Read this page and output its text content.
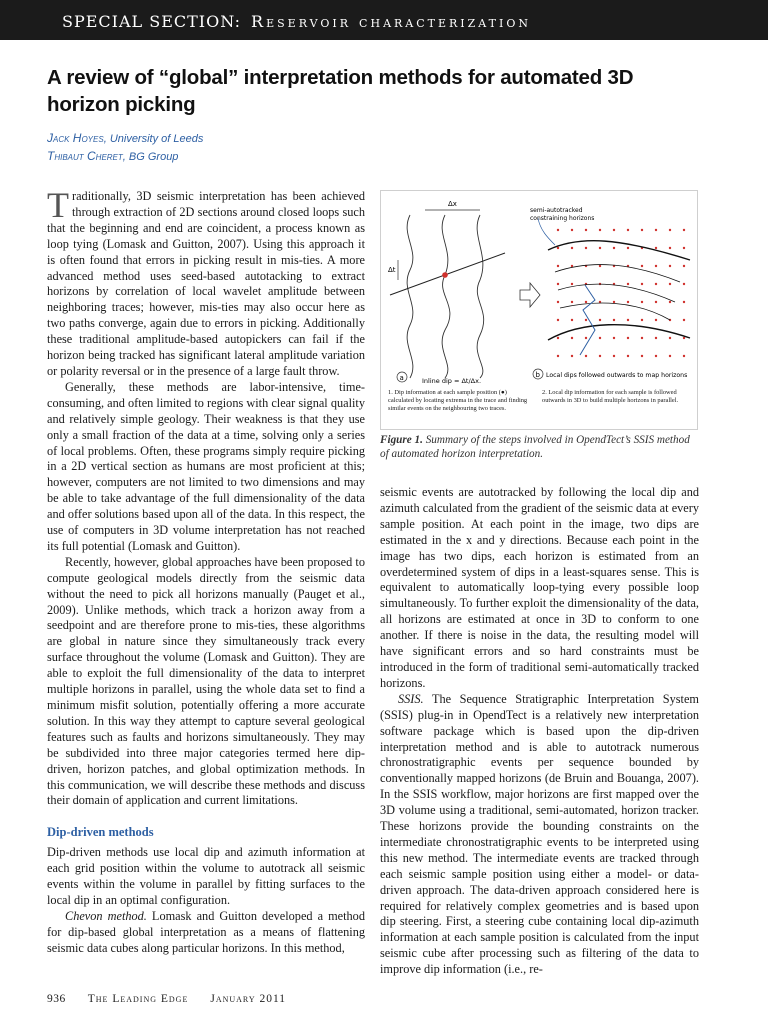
SPECIAL SECTION: Reservoir characterization
A review of “global” interpretation methods for automated 3D horizon picking
Jack Hoyes, University of Leeds
Thibaut Cheret, BG Group

Traditionally, 3D seismic interpretation has been achieved through extraction of 2D sections around closed loops such that the beginning and end are coincident, a process known as loop tying (Lomask and Guitton, 2007). Using this approach it is often found that errors in picking result in mis-ties. A more advanced method uses seed-based autotacking to extract horizons by correlation of local wavelet amplitude between neighboring traces; however, mis-ties may also occur here as two paths converge, again due to errors in picking. Additionally these traditional amplitude-based autopickers can fail if the horizon being tracked has significant lateral amplitude variation or polarity reversal or in the presence of a large fault throw.

Generally, these methods are labor-intensive, time-consuming, and often limited to regions with clear signal quality and relatively simple geology. Their weakness is that they use only a small fraction of the data at a time, solving only a series of local problems. Often, these programs simply require picking in a 2D vertical section as humans are most proficient at this; however, computers are not limited to two dimensions and may be able to take advantage of the full dimensionality of the data and offer solutions based upon all of the data. In this respect, the use of computers in 3D volume interpretation has not reached its full potential (Lomask and Guitton).

Recently, however, global approaches have been proposed to compute geological models directly from the seismic data without the need to pick all horizons manually (Pauget et al., 2009). Unlike methods, which track a horizon away from a seedpoint and are therefore prone to mis-ties, these algorithms are global in nature since they simultaneously track every surface throughout the volume (Lomask and Guitton). They are able to exploit the full dimensionality of the data to interpret multiple horizons in parallel, using the whole data set to find a minimum misfit solution, potentially offering a more accurate solution. In this way they attempt to capture several geological features such as faults and horizons simultaneously. They may be subdivided into three major categories termed here dip-driven, horizon patches, and global optimization methods. In this communication, we will describe these methods and discuss their domain of application and current limitations.

Dip-driven methods

Dip-driven methods use local dip and azimuth information at each grid position within the volume to autotrack all seismic events within the volume in parallel by fitting surfaces to the local dip in an optimal configuration.

Chevon method. Lomask and Guitton developed a method for dip-based global interpretation as a means of flattening seismic data cubes along particular horizons. In this method,

Δx
Δt
a	Inline dip = Δt/Δx.
semi-autotracked
constraining horizons
b Local dips followed outwards to map horizons
1. Dip information at each sample position (●) calculated by locating extrema in the trace and finding similar events on the neighbouring two traces.
2. Local dip information for each sample is followed outwards in 3D to build multiple horizons in parallel.
Figure 1. Summary of the steps involved in OpendTect’s SSIS method of automated horizon interpretation.

seismic events are autotracked by following the local dip and azimuth calculated from the gradient of the seismic data at every sample position. At each point in the image, two dips are estimated in the x and y directions. Because each point in the image has two dips, each horizon is estimated from an overdetermined system of dips in a least-squares sense. This is equivalent to automatically loop-tying every possible loop simultaneously. To further exploit the dimensionality of the data, all horizons are estimated at once in 3D to conform to one another. If there is noise in the data, the resulting model will have significant errors and so hard constraints must be introduced in the form of traditional semi-automatically tracked horizons.

SSIS. The Sequence Stratigraphic Interpretation System (SSIS) plug-in in OpendTect is a relatively new interpretation software package which is based upon the dip-driven interpretation method and is able to autotrack numerous chronostratigraphic events per sequence bounded by conventionally mapped horizons (de Bruin and Bouanga, 2007). In the SSIS workflow, major horizons are first mapped over the 3D volume using a traditional, semi-automated, horizon tracker. These horizons provide the bounding constraints on the intermediate chronostratigraphic events to be interpreted using this new method. The intermediate events are tracked through each seismic sample position using either a model- or data-driven approach. The data-driven approach considered here is required for relatively complex geometries and is based upon dip steering. First, a steering cube containing local dip-azimuth information at each sample position is calculated from the input seismic cube after processing such as filtering of the data to improve dip information (i.e., re-

936 The Leading Edge January 2011
